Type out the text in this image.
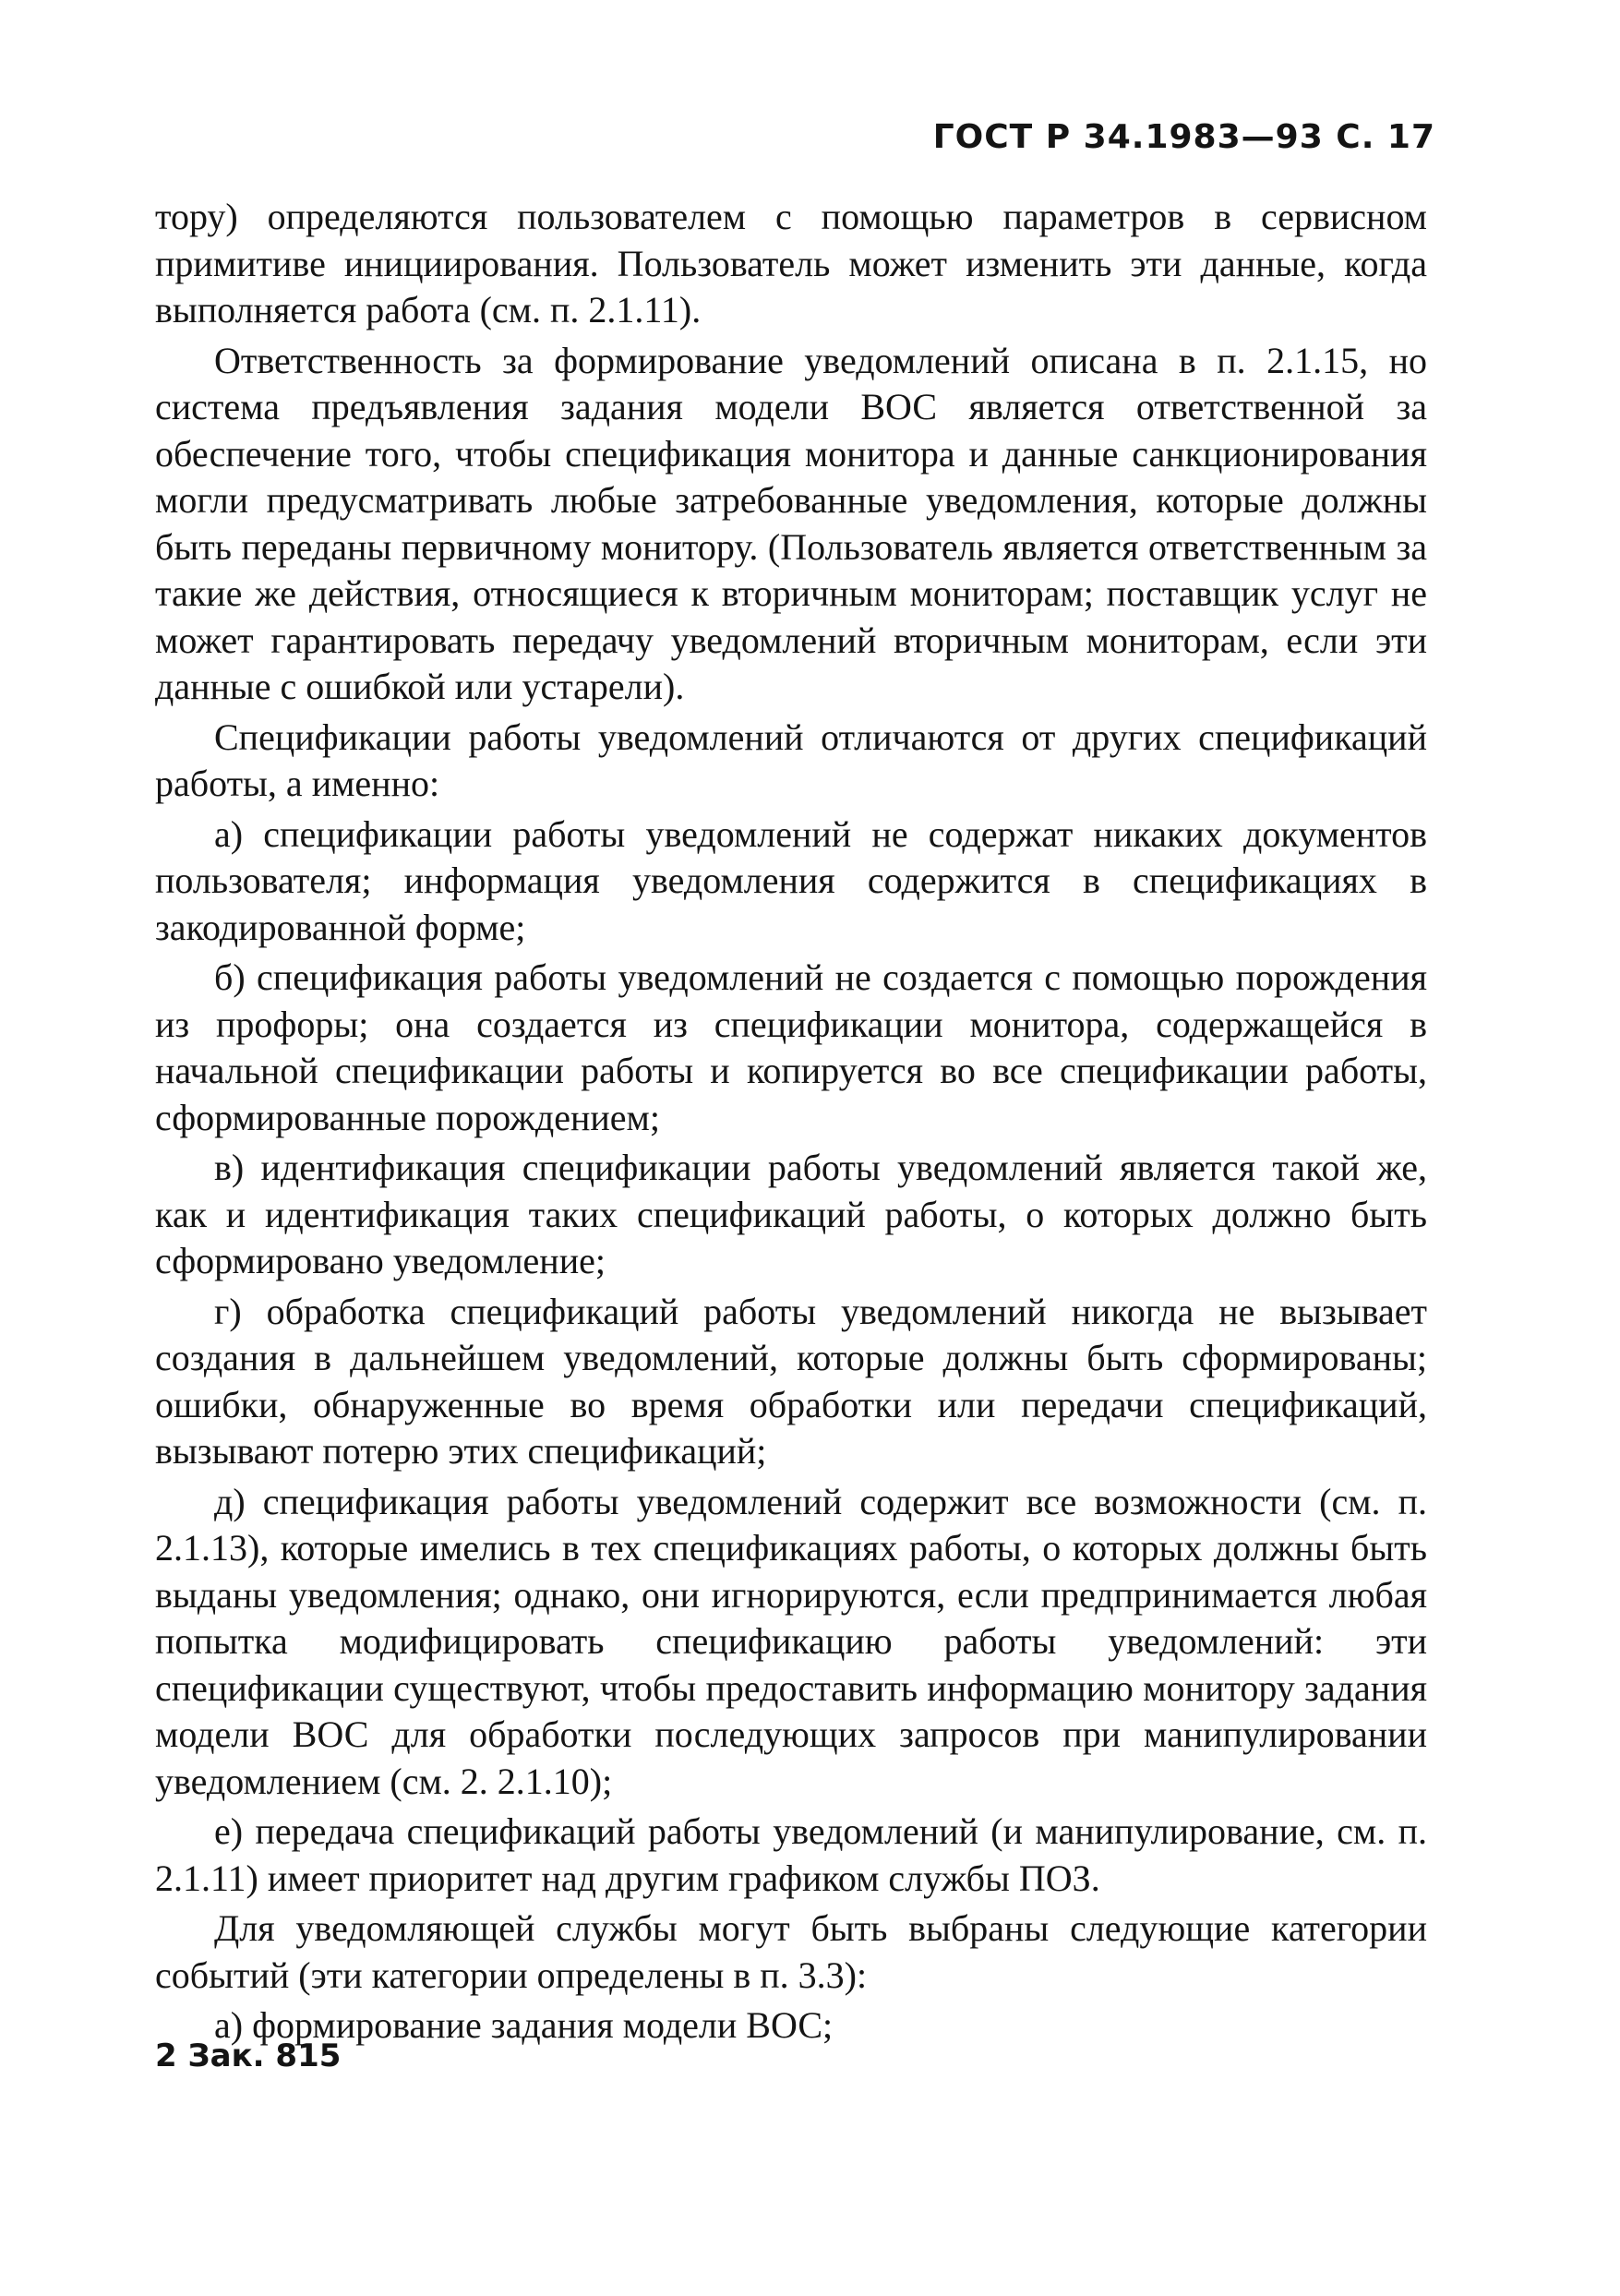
ГОСТ Р 34.1983—93 С. 17

тору) определяются пользователем с помощью параметров в сервисном примитиве инициирования. Пользователь может изменить эти данные, когда выполняется работа (см. п. 2.1.11).

Ответственность за формирование уведомлений описана в п. 2.1.15, но система предъявления задания модели ВОС является ответственной за обеспечение того, чтобы спецификация монитора и данные санкционирования могли предусматривать любые затребованные уведомления, которые должны быть переданы первичному монитору. (Пользователь является ответственным за такие же действия, относящиеся к вторичным мониторам; поставщик услуг не может гарантировать передачу уведомлений вторичным мониторам, если эти данные с ошибкой или устарели).

Спецификации работы уведомлений отличаются от других спецификаций работы, а именно:

а) спецификации работы уведомлений не содержат никаких документов пользователя; информация уведомления содержится в спецификациях в закодированной форме;

б) спецификация работы уведомлений не создается с помощью порождения из профоры; она создается из спецификации монитора, содержащейся в начальной спецификации работы и копируется во все спецификации работы, сформированные порождением;

в) идентификация спецификации работы уведомлений является такой же, как и идентификация таких спецификаций работы, о которых должно быть сформировано уведомление;

г) обработка спецификаций работы уведомлений никогда не вызывает создания в дальнейшем уведомлений, которые должны быть сформированы; ошибки, обнаруженные во время обработки или передачи спецификаций, вызывают потерю этих спецификаций;

д) спецификация работы уведомлений содержит все возможности (см. п. 2.1.13), которые имелись в тех спецификациях работы, о которых должны быть выданы уведомления; однако, они игнорируются, если предпринимается любая попытка модифицировать спецификацию работы уведомлений: эти спецификации существуют, чтобы предоставить информацию монитору задания модели ВОС для обработки последующих запросов при манипулировании уведомлением (см. 2. 2.1.10);

е) передача спецификаций работы уведомлений (и манипулирование, см. п. 2.1.11) имеет приоритет над другим графиком службы ПОЗ.

Для уведомляющей службы могут быть выбраны следующие категории событий (эти категории определены в п. 3.3):

а) формирование задания модели ВОС;

2 Зак. 815
